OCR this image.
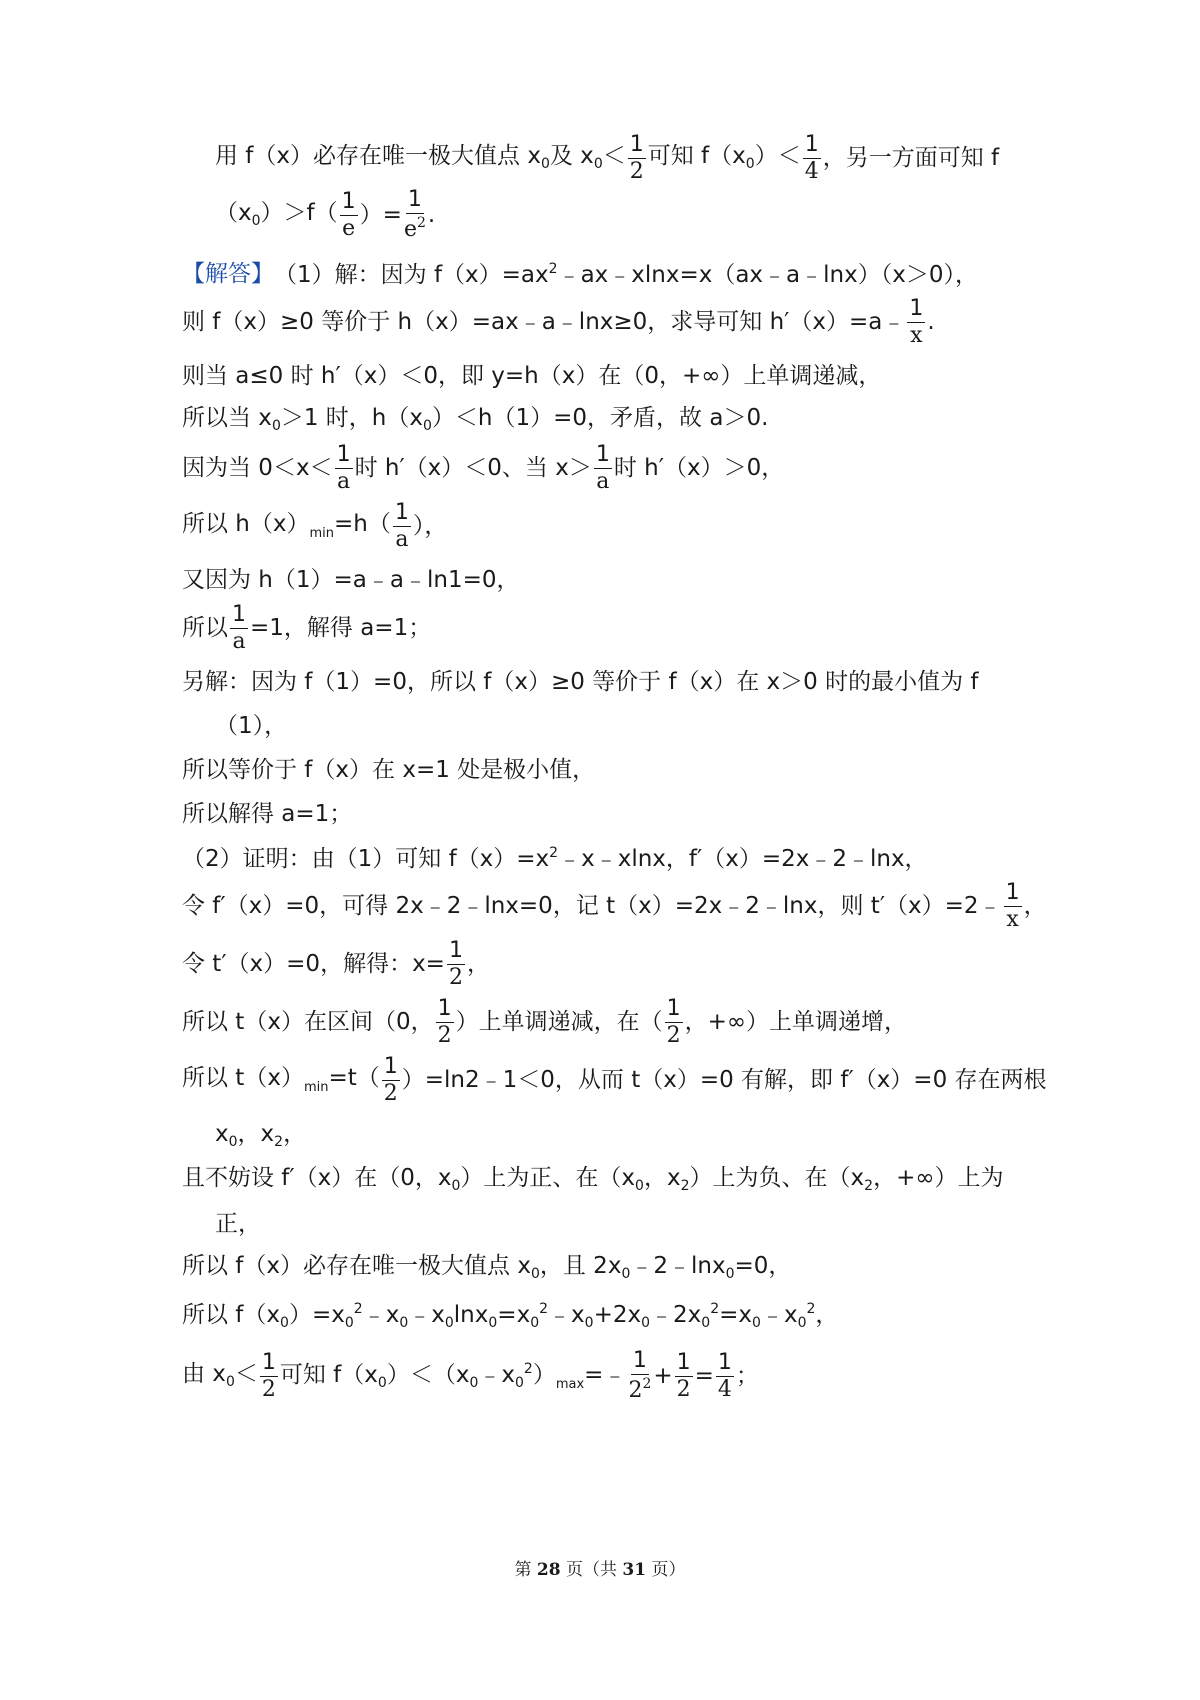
用 f（x）必存在唯一极大值点 $x_0$及 $x_0< \frac{1}{2}$ 可知 $f(x_0)< \frac{1}{4}$ ，另一方面可知 f
$(x_0)>f( \frac{1}{e}$ ）= $\frac{1}{e^2}$ .
【解答】 （1）解：因为 $f(x)=ax^2﹣ax﹣xlnx=x(ax﹣a﹣\ln x)(x>0)$，
则 f（x）≥0 等价于 h（x）=ax﹣a﹣lnx≥0，求导可知 h′（x）=a﹣ $\frac{1}{x}$ .
则当 a≤0 时 h′（x）＜0，即 y=h（x）在（0，+∞）上单调递减，
所以当 $x_0>1$ 时，$h(x_0)<h(1)=0$，矛盾，故 a＞0.
因为当 $0<x< \frac{1}{a}$ 时 h′（x）＜0、当 $x> \frac{1}{a}$ 时 h′（x）＞0，
所以 $h(x)_{min}=h( \frac{1}{a}$ ），
又因为 h（1）=a﹣a﹣ln1=0，
所以 $\frac{1}{a} =1$，解得 a=1；
另解：因为 f（1）=0，所以 f（x）≥0 等价于 f（x）在 x＞0 时的最小值为 f
（1），
所以等价于 f（x）在 x=1 处是极小值，
所以解得 a=1；
（2）证明：由（1）可知 $f(x)=x^2﹣x﹣xlnx$，f′（x）=2x﹣2﹣lnx，
令 f′（x）=0，可得 2x﹣2﹣lnx=0，记 t（x）=2x﹣2﹣lnx，则 t′（x）=2﹣ $\frac{1}{x}$ ，
令 t′（x）=0，解得：$x= \frac{1}{2}$ ，
所以 t（x）在区间（0， $\frac{1}{2}$ ）上单调递减，在（ $\frac{1}{2}$ ，+∞）上单调递增，
所以 $t(x)_{min}=t( \frac{1}{2}$ ）=ln2﹣1＜0，从而 t（x）=0 有解，即 f′（x）=0 存在两根
$x_0$，$x_2$，
且不妨设 f′（x）在（0，$x_0$）上为正、在（$x_0$，$x_2$）上为负、在（$x_2$，+∞）上为
正，
所以 f（x）必存在唯一极大值点 $x_0$，且 $2x_0﹣2﹣\ln x_0=0$，
所以 $f(x_0)=x_0^2﹣x_0﹣x_0\ln x_0=x_0^2﹣x_0+2x_0﹣2x_0^2=x_0﹣x_0^2$，
由 $x_0< \frac{1}{2}$ 可知 $f(x_0)<(x_0﹣x_0^2)_{max}=﹣ \frac{1}{2^2} + \frac{1}{2} = \frac{1}{4}$ ；
第 28 页（共 31 页）
